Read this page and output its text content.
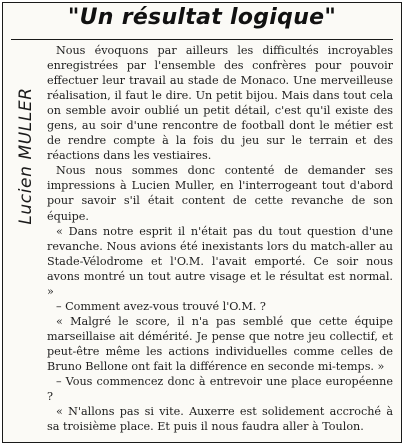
"Un résultat logique"
Lucien MULLER

Nous évoquons par ailleurs les difficultés incroyables enregistrées par l'ensemble des confrères pour pouvoir effectuer leur travail au stade de Monaco. Une merveilleuse réalisation, il faut le dire. Un petit bijou. Mais dans tout cela on semble avoir oublié un petit détail, c'est qu'il existe des gens, au soir d'une rencontre de football dont le métier est de rendre compte à la fois du jeu sur le terrain et des réactions dans les vestiaires.

Nous nous sommes donc contenté de demander ses impressions à Lucien Muller, en l'interrogeant tout d'abord pour savoir s'il était content de cette revanche de son équipe.

« Dans notre esprit il n'était pas du tout question d'une revanche. Nous avions été inexistants lors du match-aller au Stade-Vélodrome et l'O.M. l'avait emporté. Ce soir nous avons montré un tout autre visage et le résultat est normal. »

– Comment avez-vous trouvé l'O.M. ?

« Malgré le score, il n'a pas semblé que cette équipe marseillaise ait démérité. Je pense que notre jeu collectif, et peut-être même les actions individuelles comme celles de Bruno Bellone ont fait la différence en seconde mi-temps. »

– Vous commencez donc à entrevoir une place européenne ?

« N'allons pas si vite. Auxerre est solidement accroché à sa troisième place. Et puis il nous faudra aller à Toulon.
